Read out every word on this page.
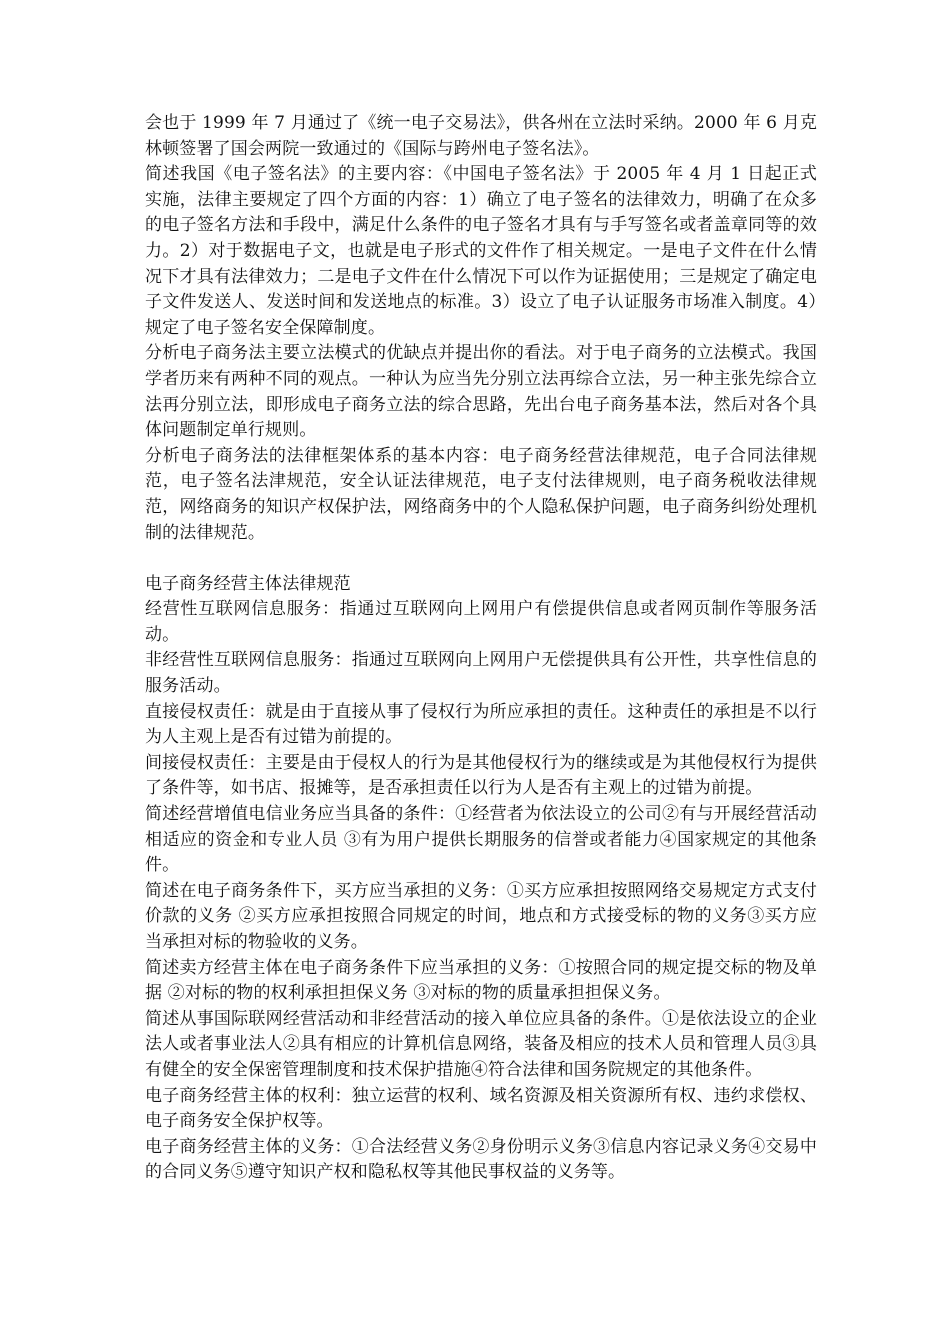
会也于 1999 年 7 月通过了《统一电子交易法》，供各州在立法时采纳。2000 年 6 月克林顿签署了国会两院一致通过的《国际与跨州电子签名法》。

简述我国《电子签名法》的主要内容：《中国电子签名法》于 2005 年 4 月 1 日起正式实施，法律主要规定了四个方面的内容：1）确立了电子签名的法律效力，明确了在众多的电子签名方法和手段中，满足什么条件的电子签名才具有与手写签名或者盖章同等的效力。2）对于数据电子文，也就是电子形式的文件作了相关规定。一是电子文件在什么情况下才具有法律效力；二是电子文件在什么情况下可以作为证据使用；三是规定了确定电子文件发送人、发送时间和发送地点的标准。3）设立了电子认证服务市场准入制度。4）规定了电子签名安全保障制度。

分析电子商务法主要立法模式的优缺点并提出你的看法。对于电子商务的立法模式。我国学者历来有两种不同的观点。一种认为应当先分别立法再综合立法，另一种主张先综合立法再分别立法，即形成电子商务立法的综合思路，先出台电子商务基本法，然后对各个具体问题制定单行规则。

分析电子商务法的法律框架体系的基本内容：电子商务经营法律规范，电子合同法律规范，电子签名法津规范，安全认证法律规范，电子支付法律规则，电子商务税收法律规范，网络商务的知识产权保护法，网络商务中的个人隐私保护问题，电子商务纠纷处理机制的法律规范。

电子商务经营主体法律规范

经营性互联网信息服务：指通过互联网向上网用户有偿提供信息或者网页制作等服务活动。

非经营性互联网信息服务：指通过互联网向上网用户无偿提供具有公开性，共享性信息的服务活动。

直接侵权责任：就是由于直接从事了侵权行为所应承担的责任。这种责任的承担是不以行为人主观上是否有过错为前提的。

间接侵权责任：主要是由于侵权人的行为是其他侵权行为的继续或是为其他侵权行为提供了条件等，如书店、报摊等，是否承担责任以行为人是否有主观上的过错为前提。

简述经营增值电信业务应当具备的条件：①经营者为依法设立的公司②有与开展经营活动相适应的资金和专业人员 ③有为用户提供长期服务的信誉或者能力④国家规定的其他条件。

简述在电子商务条件下，买方应当承担的义务：①买方应承担按照网络交易规定方式支付价款的义务 ②买方应承担按照合同规定的时间，地点和方式接受标的物的义务③买方应当承担对标的物验收的义务。

简述卖方经营主体在电子商务条件下应当承担的义务：①按照合同的规定提交标的物及单据 ②对标的物的权利承担担保义务 ③对标的物的质量承担担保义务。

简述从事国际联网经营活动和非经营活动的接入单位应具备的条件。①是依法设立的企业法人或者事业法人②具有相应的计算机信息网络，装备及相应的技术人员和管理人员③具有健全的安全保密管理制度和技术保护措施④符合法律和国务院规定的其他条件。

电子商务经营主体的权利：独立运营的权利、域名资源及相关资源所有权、违约求偿权、电子商务安全保护权等。

电子商务经营主体的义务：①合法经营义务②身份明示义务③信息内容记录义务④交易中的合同义务⑤遵守知识产权和隐私权等其他民事权益的义务等。
